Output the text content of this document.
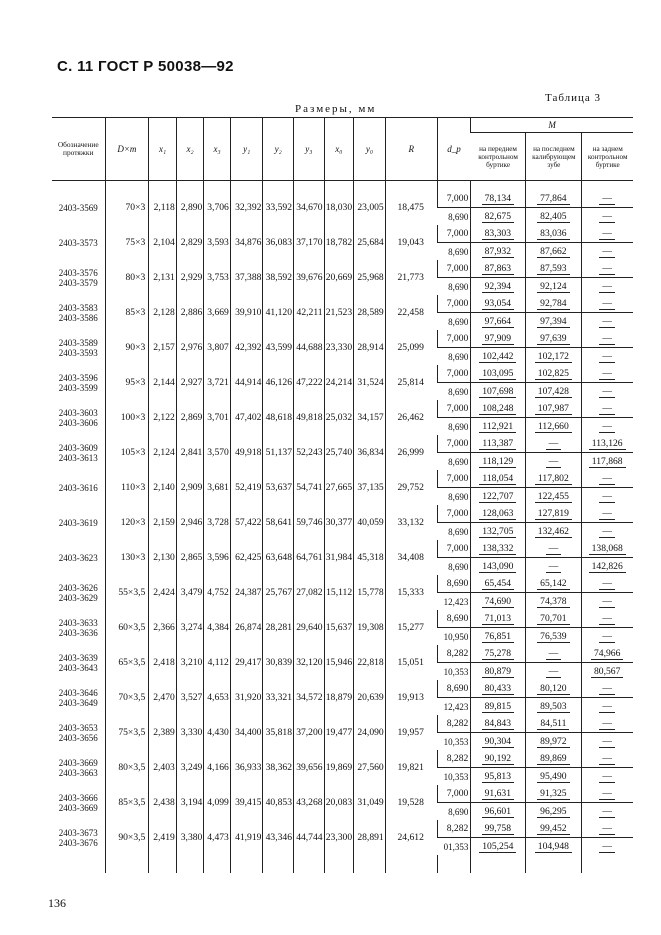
С. 11 ГОСТ Р 50038—92
Размеры, мм
Таблица 3
Обозначение протяжки	D×m	x₁	x₂	x₃	y₁	y₂	y₃	x₀	y₀	R	d_p	M		
												на переднем контрольном буртике	на последнем калибрующем зубе	на заднем контрольном буртике

2403-3569	70×3	2,118	2,890	3,706	32,392	33,592	34,670	18,030	23,005	18,475	7,000	78,134	77,864	—
											8,690	82,675	82,405	—
2403-3573	75×3	2,104	2,829	3,593	34,876	36,083	37,170	18,782	25,684	19,043	7,000	83,303	83,036	—
											8,690	87,932	87,662	—
2403-3576
2403-3579	80×3	2,131	2,929	3,753	37,388	38,592	39,676	20,669	25,968	21,773	7,000	87,863	87,593	—
											8,690	92,394	92,124	—
2403-3583
2403-3586	85×3	2,128	2,886	3,669	39,910	41,120	42,211	21,523	28,589	22,458	7,000	93,054	92,784	—
											8,690	97,664	97,394	—
2403-3589
2403-3593	90×3	2,157	2,976	3,807	42,392	43,599	44,688	23,330	28,914	25,099	7,000	97,909	97,639	—
											8,690	102,442	102,172	—
2403-3596
2403-3599	95×3	2,144	2,927	3,721	44,914	46,126	47,222	24,214	31,524	25,814	7,000	103,095	102,825	—
											8,690	107,698	107,428	—
2403-3603
2403-3606	100×3	2,122	2,869	3,701	47,402	48,618	49,818	25,032	34,157	26,462	7,000	108,248	107,987	—
											8,690	112,921	112,660	—
2403-3609
2403-3613	105×3	2,124	2,841	3,570	49,918	51,137	52,243	25,740	36,834	26,999	7,000	113,387	—	113,126
											8,690	118,129	—	117,868
2403-3616	110×3	2,140	2,909	3,681	52,419	53,637	54,741	27,665	37,135	29,752	7,000	118,054	117,802	—
											8,690	122,707	122,455	—
2403-3619	120×3	2,159	2,946	3,728	57,422	58,641	59,746	30,377	40,059	33,132	7,000	128,063	127,819	—
											8,690	132,705	132,462	—
2403-3623	130×3	2,130	2,865	3,596	62,425	63,648	64,761	31,984	45,318	34,408	7,000	138,332	—	138,068
											8,690	143,090	—	142,826
2403-3626
2403-3629	55×3,5	2,424	3,479	4,752	24,387	25,767	27,082	15,112	15,778	15,333	8,690	65,454	65,142	—
											12,423	74,690	74,378	—
2403-3633
2403-3636	60×3,5	2,366	3,274	4,384	26,874	28,281	29,640	15,637	19,308	15,277	8,690	71,013	70,701	—
											10,950	76,851	76,539	—
2403-3639
2403-3643	65×3,5	2,418	3,210	4,112	29,417	30,839	32,120	15,946	22,818	15,051	8,282	75,278	—	74,966
											10,353	80,879	—	80,567
2403-3646
2403-3649	70×3,5	2,470	3,527	4,653	31,920	33,321	34,572	18,879	20,639	19,913	8,690	80,433	80,120	—
											12,423	89,815	89,503	—
2403-3653
2403-3656	75×3,5	2,389	3,330	4,430	34,400	35,818	37,200	19,477	24,090	19,957	8,282	84,843	84,511	—
											10,353	90,304	89,972	—
2403-3669
2403-3663	80×3,5	2,403	3,249	4,166	36,933	38,362	39,656	19,869	27,560	19,821	8,282	90,192	89,869	—
											10,353	95,813	95,490	—
2403-3666
2403-3669	85×3,5	2,438	3,194	4,099	39,415	40,853	43,268	20,083	31,049	19,528	7,000	91,631	91,325	—
											8,690	96,601	96,295	—
2403-3673
2403-3676	90×3,5	2,419	3,380	4,473	41,919	43,346	44,744	23,300	28,891	24,612	8,282	99,758	99,452	—
											01,353	105,254	104,948	—

136
